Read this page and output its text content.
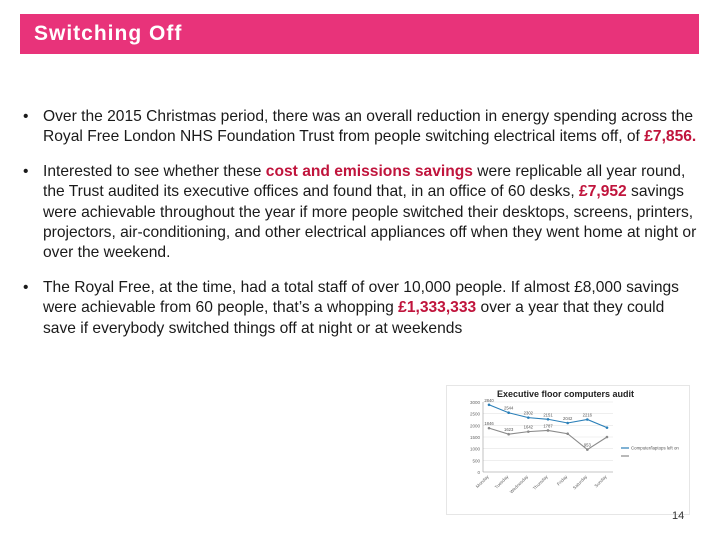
Switching Off
• Over the 2015 Christmas period, there was an overall reduction in energy spending across the Royal Free London NHS Foundation Trust from people switching electrical items off, of £7,856.
• Interested to see whether these cost and emissions savings were replicable all year round, the Trust audited its executive offices and found that, in an office of 60 desks, £7,952 savings were achievable throughout the year if more people switched their desktops, screens, printers, projectors, air-conditioning, and other electrical appliances off when they went home at night or over the weekend.
• The Royal Free, at the time, had a total staff of over 10,000 people. If almost £8,000 savings were achievable from 60 people, that’s a whopping £1,333,333 over a year that they could save if everybody switched things off at night or at weekends
Executive floor computers audit
0
500
1000
1500
2000
2500
3000
Monday Tuesday Wednesday Thursday Friday Saturday Sunday
2840
2544
2302 2151
2042
2216
1846
1623
1642 1787
953
Computer/laptops left on
14
